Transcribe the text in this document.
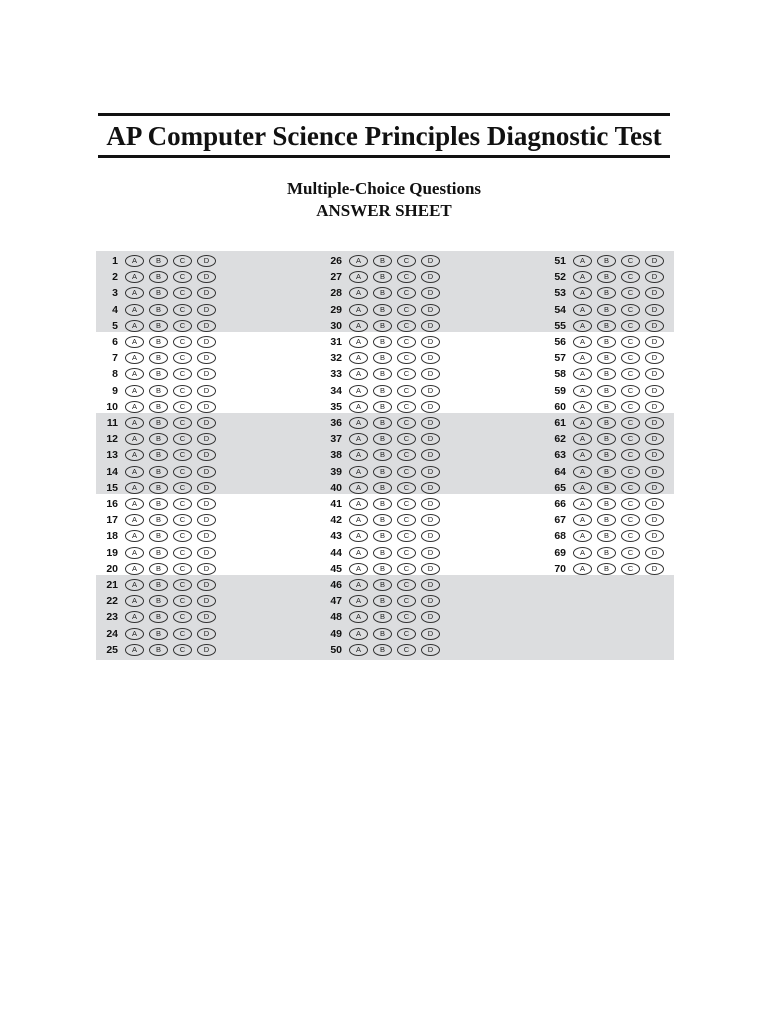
AP Computer Science Principles Diagnostic Test
Multiple-Choice Questions
ANSWER SHEET
1	A	B	C	D
2	A	B	C	D
3	A	B	C	D
4	A	B	C	D
5	A	B	C	D
6	A	B	C	D
7	A	B	C	D
8	A	B	C	D
9	A	B	C	D
10	A	B	C	D
11	A	B	C	D
12	A	B	C	D
13	A	B	C	D
14	A	B	C	D
15	A	B	C	D
16	A	B	C	D
17	A	B	C	D
18	A	B	C	D
19	A	B	C	D
20	A	B	C	D
21	A	B	C	D
22	A	B	C	D
23	A	B	C	D
24	A	B	C	D
25	A	B	C	D
26	A	B	C	D
27	A	B	C	D
28	A	B	C	D
29	A	B	C	D
30	A	B	C	D
31	A	B	C	D
32	A	B	C	D
33	A	B	C	D
34	A	B	C	D
35	A	B	C	D
36	A	B	C	D
37	A	B	C	D
38	A	B	C	D
39	A	B	C	D
40	A	B	C	D
41	A	B	C	D
42	A	B	C	D
43	A	B	C	D
44	A	B	C	D
45	A	B	C	D
46	A	B	C	D
47	A	B	C	D
48	A	B	C	D
49	A	B	C	D
50	A	B	C	D
51	A	B	C	D
52	A	B	C	D
53	A	B	C	D
54	A	B	C	D
55	A	B	C	D
56	A	B	C	D
57	A	B	C	D
58	A	B	C	D
59	A	B	C	D
60	A	B	C	D
61	A	B	C	D
62	A	B	C	D
63	A	B	C	D
64	A	B	C	D
65	A	B	C	D
66	A	B	C	D
67	A	B	C	D
68	A	B	C	D
69	A	B	C	D
70	A	B	C	D
